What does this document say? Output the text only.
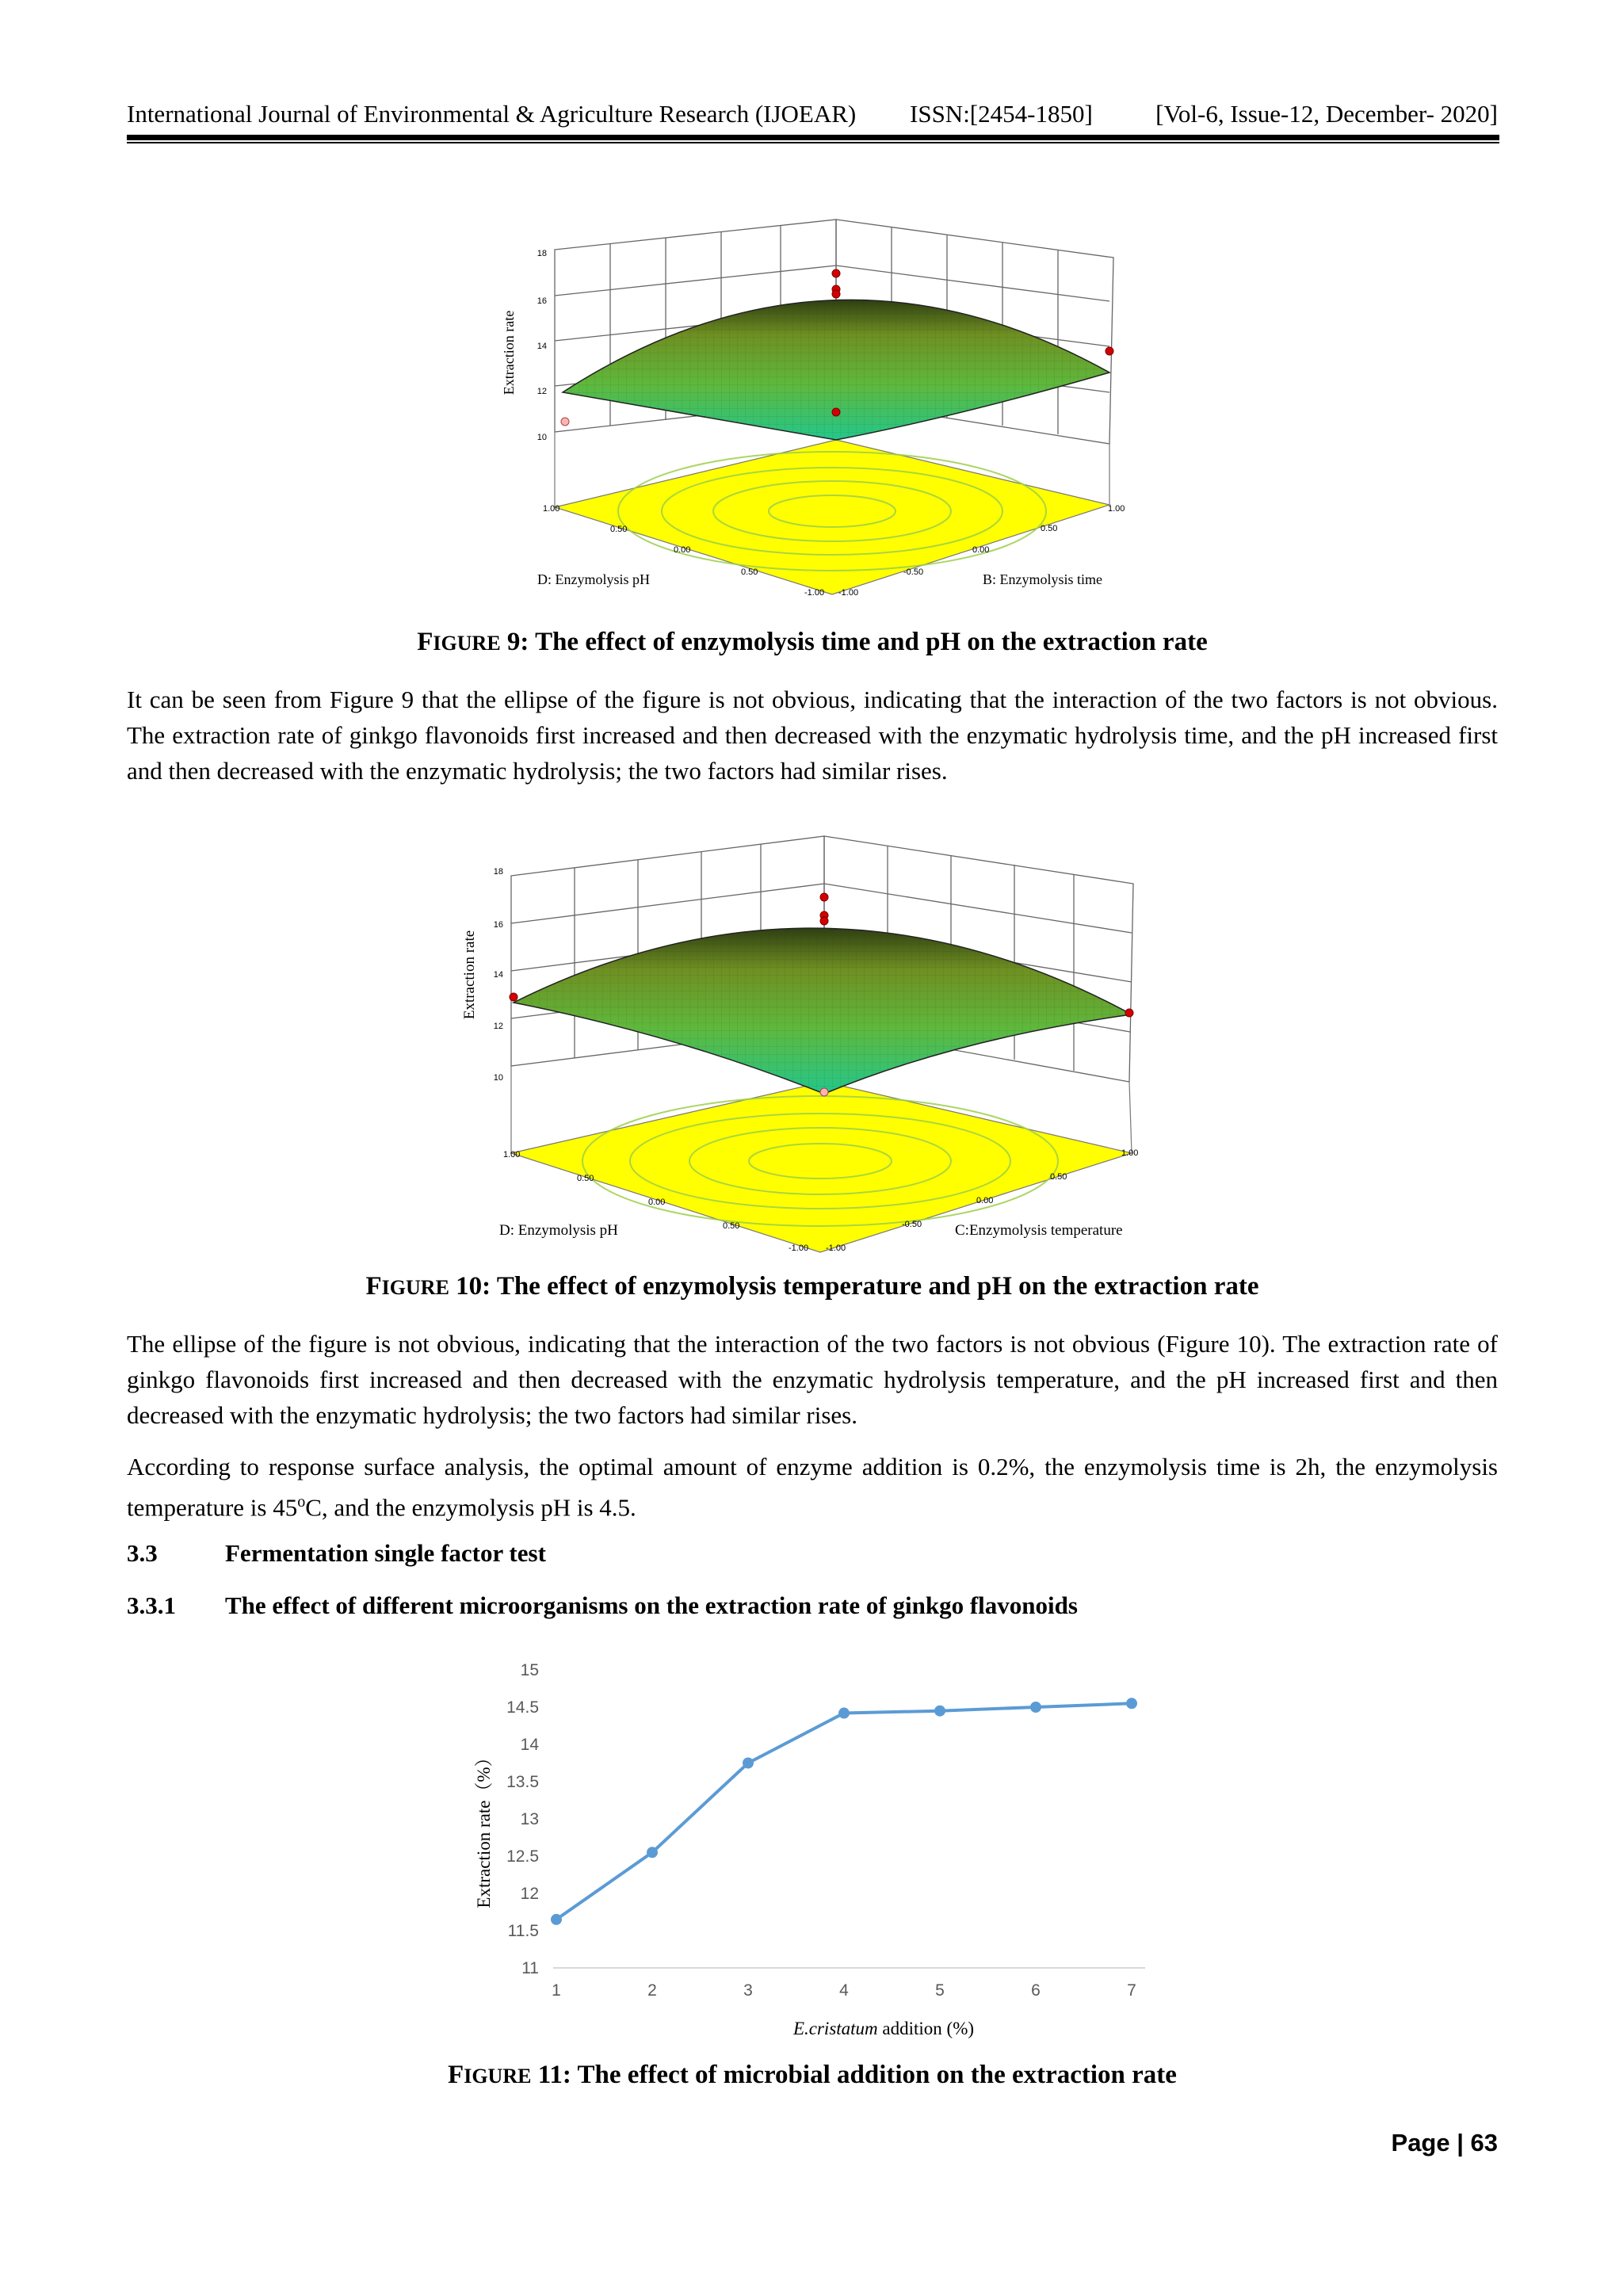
International Journal of Environmental & Agriculture Research (IJOEAR) ISSN:[2454-1850]	[Vol-6, Issue-12, December- 2020]
18
16
14
12
10
Extraction rate
1.00
0.50
0.00
0.50
-1.00 -1.00
-0.50
0.00
0.50
1.00
D: Enzymolysis pH	B: Enzymolysis time
FIGURE 9: The effect of enzymolysis time and pH on the extraction rate

It can be seen from Figure 9 that the ellipse of the figure is not obvious, indicating that the interaction of the two factors is not obvious. The extraction rate of ginkgo flavonoids first increased and then decreased with the enzymatic hydrolysis time, and the pH increased first and then decreased with the enzymatic hydrolysis; the two factors had similar rises.

18
16
14
12
10
Extraction rate
1.00
0.50
0.00
0.50
-1.00 -1.00
-0.50
0.00
0.50
1.00
D: Enzymolysis pH	C:Enzymolysis temperature
FIGURE 10: The effect of enzymolysis temperature and pH on the extraction rate

The ellipse of the figure is not obvious, indicating that the interaction of the two factors is not obvious (Figure 10). The extraction rate of ginkgo flavonoids first increased and then decreased with the enzymatic hydrolysis temperature, and the pH increased first and then decreased with the enzymatic hydrolysis; the two factors had similar rises.

According to response surface analysis, the optimal amount of enzyme addition is 0.2%, the enzymolysis time is 2h, the enzymolysis temperature is 45$^o$C, and the enzymolysis pH is 4.5.

3.3	Fermentation single factor test
3.3.1 The effect of different microorganisms on the extraction rate of ginkgo flavonoids
11
11.5
12
12.5
13
13.5
14
14.5
15
1	2	3	4	5	6	7
Extraction rate（%）
E.cristatum addition (%)
FIGURE 11: The effect of microbial addition on the extraction rate
Page | 63
